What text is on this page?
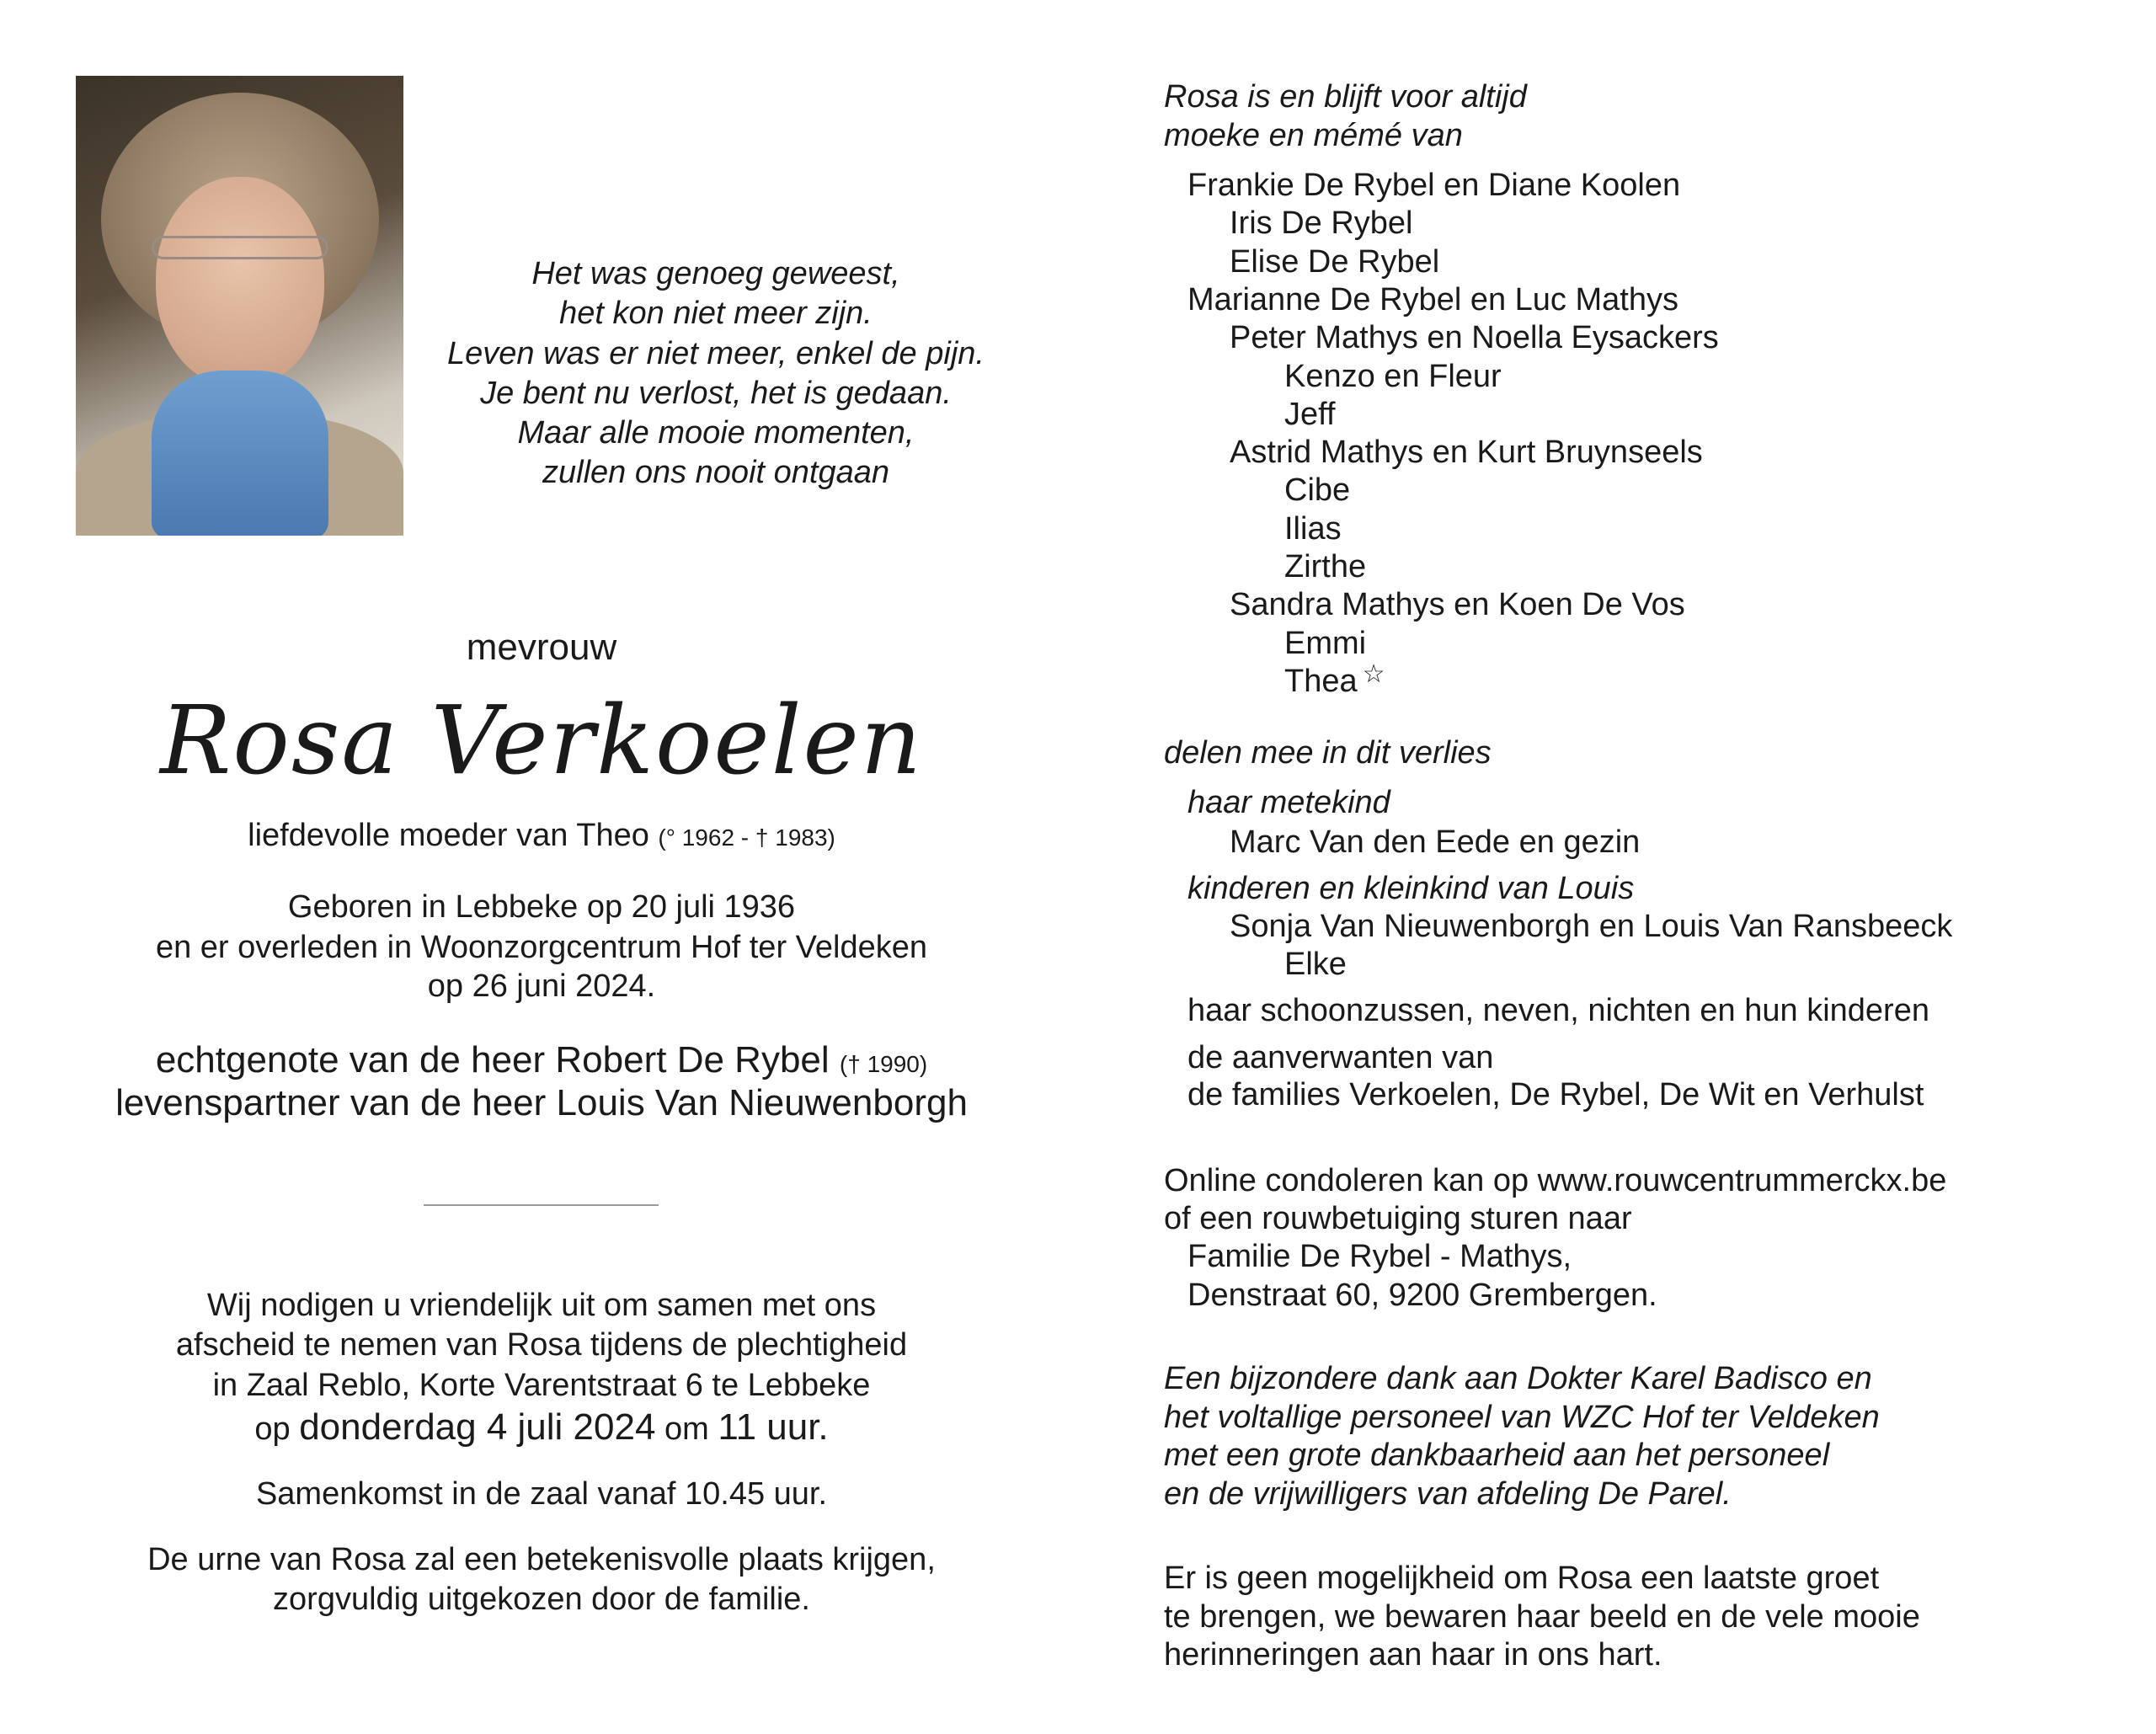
Het was genoeg geweest,
het kon niet meer zijn.
Leven was er niet meer, enkel de pijn.
Je bent nu verlost, het is gedaan.
Maar alle mooie momenten,
zullen ons nooit ontgaan
mevrouw
Rosa Verkoelen
liefdevolle moeder van Theo (° 1962 - † 1983)
Geboren in Lebbeke op 20 juli 1936
en er overleden in Woonzorgcentrum Hof ter Veldeken
op 26 juni 2024.
echtgenote van de heer Robert De Rybel († 1990)
levenspartner van de heer Louis Van Nieuwenborgh
Wij nodigen u vriendelijk uit om samen met ons
afscheid te nemen van Rosa tijdens de plechtigheid
in Zaal Reblo, Korte Varentstraat 6 te Lebbeke
op donderdag 4 juli 2024 om 11 uur.
Samenkomst in de zaal vanaf 10.45 uur.
De urne van Rosa zal een betekenisvolle plaats krijgen,
zorgvuldig uitgekozen door de familie.
Rosa is en blijft voor altijd
moeke en mémé van
Frankie De Rybel en Diane Koolen
Iris De Rybel
Elise De Rybel
Marianne De Rybel en Luc Mathys
Peter Mathys en Noella Eysackers
Kenzo en Fleur
Jeff
Astrid Mathys en Kurt Bruynseels
Cibe
Ilias
Zirthe
Sandra Mathys en Koen De Vos
Emmi
Thea ☆
delen mee in dit verlies
haar metekind
Marc Van den Eede en gezin
kinderen en kleinkind van Louis
Sonja Van Nieuwenborgh en Louis Van Ransbeeck
Elke
haar schoonzussen, neven, nichten en hun kinderen
de aanverwanten van
de families Verkoelen, De Rybel, De Wit en Verhulst
Online condoleren kan op www.rouwcentrummerckx.be
of een rouwbetuiging sturen naar
Familie De Rybel - Mathys,
Denstraat 60, 9200 Grembergen.
Een bijzondere dank aan Dokter Karel Badisco en
het voltallige personeel van WZC Hof ter Veldeken
met een grote dankbaarheid aan het personeel
en de vrijwilligers van afdeling De Parel.
Er is geen mogelijkheid om Rosa een laatste groet
te brengen, we bewaren haar beeld en de vele mooie
herinneringen aan haar in ons hart.
